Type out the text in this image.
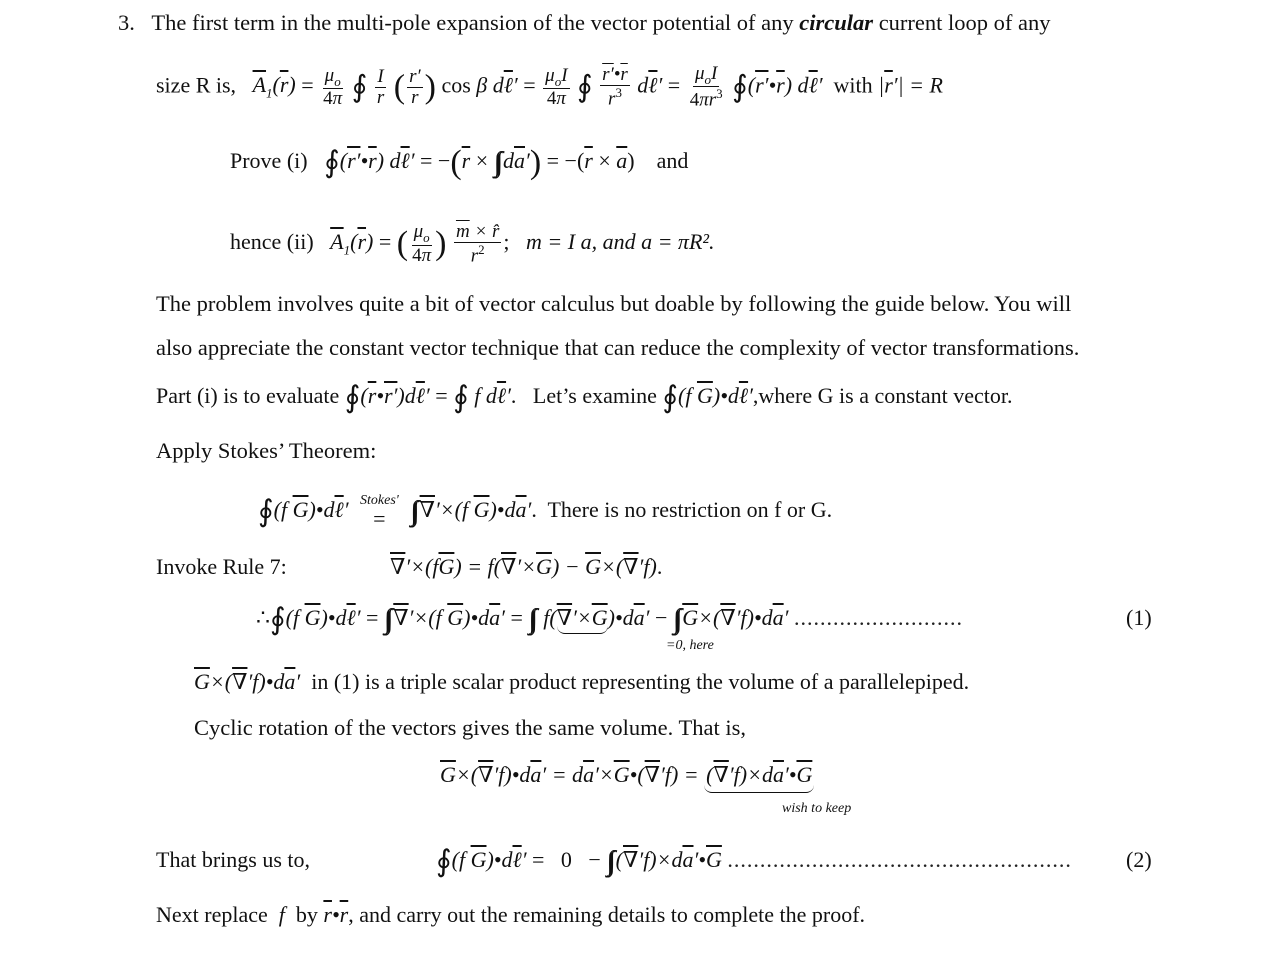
3. The first term in the multi-pole expansion of the vector potential of any circular current loop of any
size R is, $\overline{A}_1(\overline{r}) = \frac{\mu_o}{4\pi}$ ∮ $\frac{I}{r}$ ( $\frac{r'}{r}$ ) cos β dℓ′ = $\frac{\mu_oI}{4\pi}$ ∮ $\frac{r'•\overline{r}}{r^3}$ dℓ′ = $\frac{\mu_oI}{4\pi r^3}$ $∮(r'•\overline{r})$ dℓ′ with $|\overline{r}'| = R$
Prove (i) $∮(r'•\overline{r})$ dℓ′ = $-(\overline{r}$ × ∫∫ $d\overline{a}') = -(\overline{r} \times \overline{a})$    and
hence (ii) $\overline{A}_1(\overline{r})$ = ( $\frac{\mu_o}{4\pi}$ ) $\frac{\overline{m} \times r̂}{r^2}$ ;   m = I a, and a = πR².
The problem involves quite a bit of vector calculus but doable by following the guide below. You will
also appreciate the constant vector technique that can reduce the complexity of vector transformations.
Part (i) is to evaluate $∮(\overline{r}•r')d\ell'$ = ∮ f dℓ′.   Let’s examine ∮(f $\overline{G})•d\ell',where$ G is a constant vector.
Apply Stokes’ Theorem:
∮(f $\overline{G})•d\ell'$ Stokes'
= ∫∫ ∇′×(f $\overline{G})•d\overline{a}'$.  There is no restriction on f or G.
Invoke Rule 7:	$\nabla'\times(f\overline{G}) = f(\nabla'\times\overline{G}) - \overline{G}\times(\nabla'f)$.
∴∮(f $\overline{G})•d\ell'$ = ∫∫ ∇′×(f $\overline{G})•d\overline{a}'$ = ∫∫ $f(\nabla'\times\overline{G})•d\overline{a}'$ − ∫∫ $\overline{G}\times(\nabla'f)•d\overline{a}'$ ..........................	(1)
=0, here
$\overline{G}\times(\nabla'f)•d\overline{a}'$ in (1) is a triple scalar product representing the volume of a parallelepiped.
Cyclic rotation of the vectors gives the same volume. That is,
$\overline{G}\times(\nabla'f)•d\overline{a}'$ = $d\overline{a}'\times\overline{G}•(\nabla'f)$ = $(\nabla'f)\times d\overline{a}'•\overline{G}$
wish to keep
That brings us to,	∮(f $\overline{G})•d\ell' = 0$   − ∫∫ $(\nabla'f)\times d\overline{a}'•\overline{G}$ ..................................................... (2)
Next replace f  by $\overline{r}•\overline{r}$, and carry out the remaining details to complete the proof.
